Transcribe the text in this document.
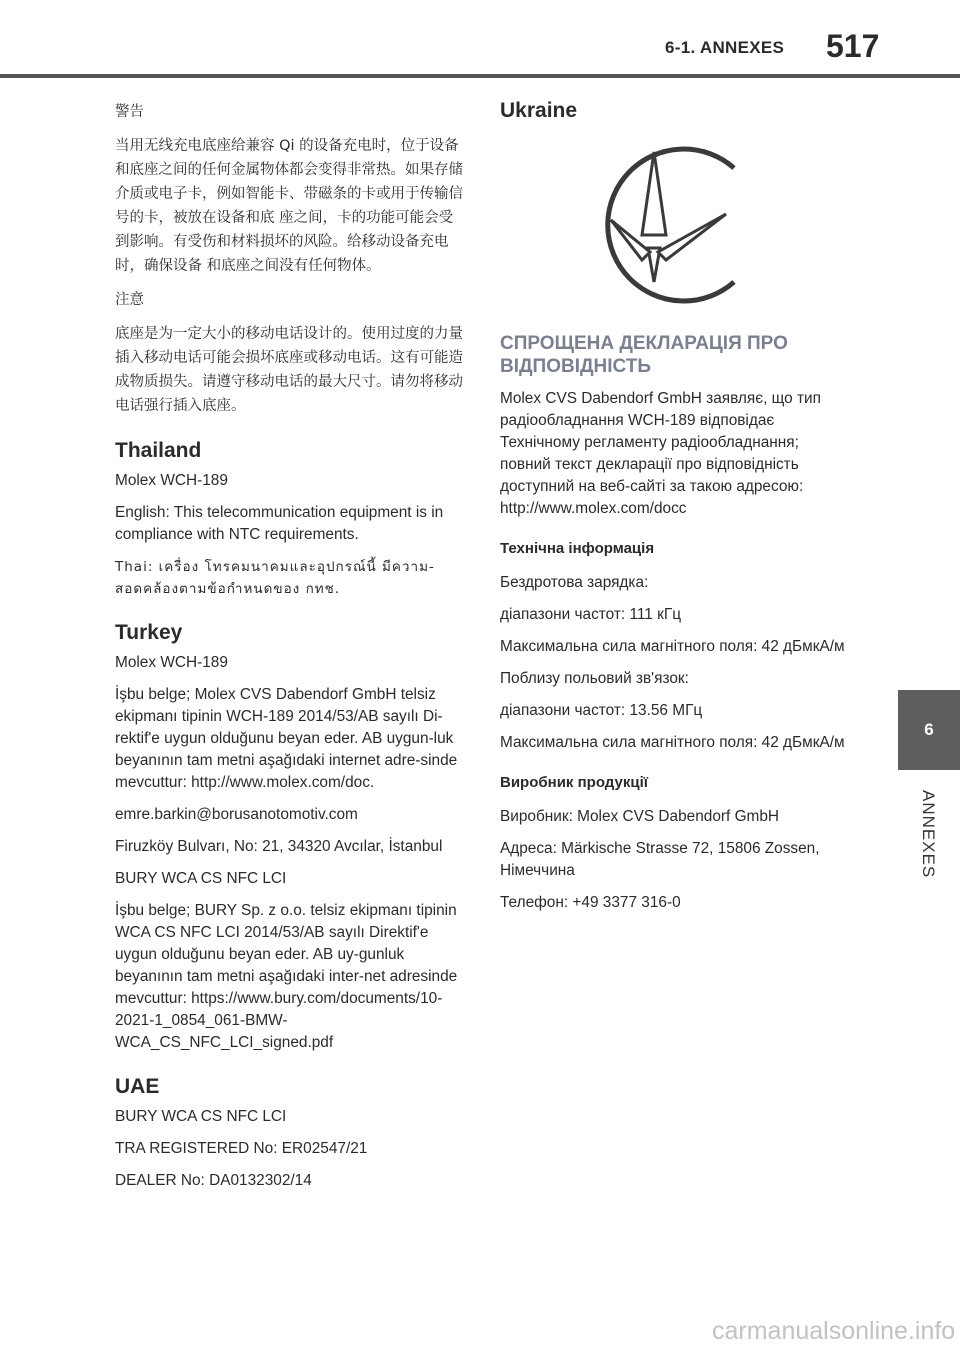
6-1. ANNEXES 517

警告

当用无线充电底座给兼容 Qi 的设备充电时，位于设备和底座之间的任何金属物体都会变得非常热。如果存储介质或电子卡，例如智能卡、带磁条的卡或用于传输信号的卡，被放在设备和底 座之间，卡的功能可能会受到影响。有受伤和材料损坏的风险。给移动设备充电时，确保设备 和底座之间没有任何物体。

注意

底座是为一定大小的移动电话设计的。使用过度的力量插入移动电话可能会损坏底座或移动电话。这有可能造成物质损失。请遵守移动电话的最大尺寸。请勿将移动电话强行插入底座。

Thailand

Molex WCH-189

English: This telecommunication equipment is in compliance with NTC requirements.

Thai: เครื่อง โทรคมนาคมและอุปกรณ์นี้ มีความ-สอดคล้องตามข้อกำหนดของ กทช.

Turkey

Molex WCH-189

İşbu belge; Molex CVS Dabendorf GmbH telsiz ekipmanı tipinin WCH-189 2014/53/AB sayılı Di-rektif'e uygun olduğunu beyan eder. AB uygun-luk beyanının tam metni aşağıdaki internet adre-sinde mevcuttur: http://www.molex.com/doc.

emre.barkin@borusanotomotiv.com

Firuzköy Bulvarı, No: 21, 34320 Avcılar, İstanbul

BURY WCA CS NFC LCI

İşbu belge; BURY Sp. z o.o. telsiz ekipmanı tipinin WCA CS NFC LCI 2014/53/AB sayılı Direktif'e uygun olduğunu beyan eder. AB uy-gunluk beyanının tam metni aşağıdaki inter-net adresinde mevcuttur: https://www.bury.com/documents/10-2021-1_0854_061-BMW-WCA_CS_NFC_LCI_signed.pdf

UAE

BURY WCA CS NFC LCI

TRA REGISTERED No: ER02547/21

DEALER No: DA0132302/14

Ukraine
СПРОЩЕНА ДЕКЛАРАЦІЯ ПРО ВІДПОВІДНІСТЬ

Molex CVS Dabendorf GmbH заявляє, що тип радіообладнання WCH-189 відповідає Технічному регламенту радіообладнання; повний текст декларації про відповідність доступний на веб-сайті за такою адресою: http://www.molex.com/docc

Технічна інформація

Бездротова зарядка:

діапазони частот: 111 кГц

Максимальна сила магнітного поля: 42 дБмкА/м

Поблизу польовий зв'язок:

діапазони частот: 13.56 МГц

Максимальна сила магнітного поля: 42 дБмкА/м

Виробник продукції

Виробник: Molex CVS Dabendorf GmbH

Адреса: Märkische Strasse 72, 15806 Zossen, Німеччина

Телефон: +49 3377 316-0

6
ANNEXES
carmanualsonline.info
